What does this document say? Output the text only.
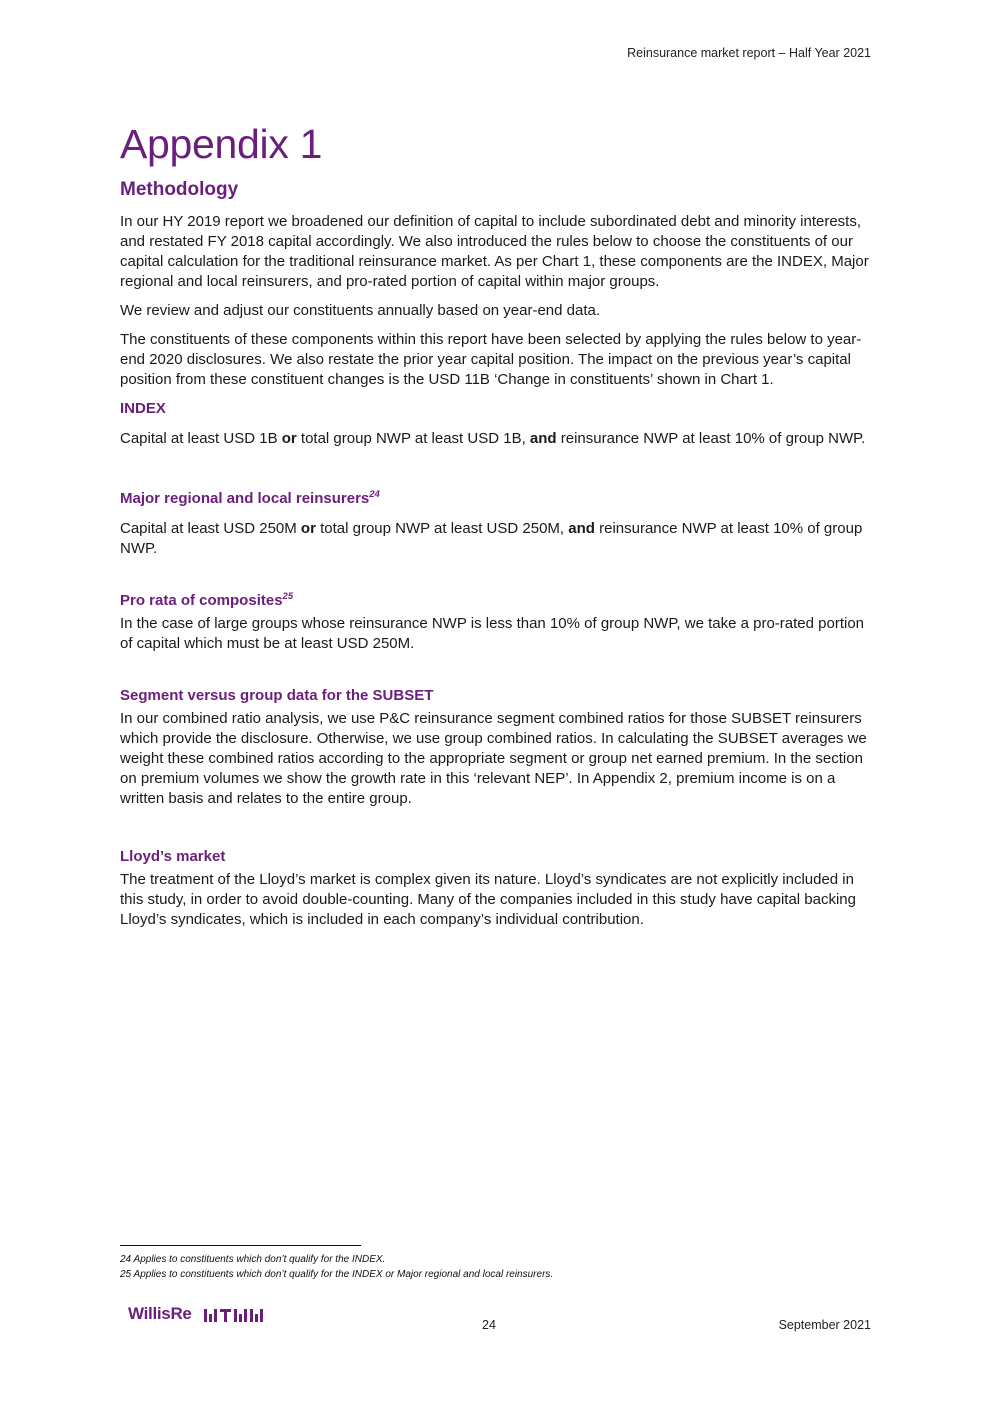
Reinsurance market report – Half Year 2021
Appendix 1
Methodology

In our HY 2019 report we broadened our definition of capital to include subordinated debt and minority interests, and restated FY 2018 capital accordingly. We also introduced the rules below to choose the constituents of our capital calculation for the traditional reinsurance market. As per Chart 1, these components are the INDEX, Major regional and local reinsurers, and pro-rated portion of capital within major groups.

We review and adjust our constituents annually based on year-end data.

The constituents of these components within this report have been selected by applying the rules below to year-end 2020 disclosures. We also restate the prior year capital position. The impact on the previous year’s capital position from these constituent changes is the USD 11B ‘Change in constituents’ shown in Chart 1.

INDEX

Capital at least USD 1B or total group NWP at least USD 1B, and reinsurance NWP at least 10% of group NWP.

Major regional and local reinsurers$^{24}$

Capital at least USD 250M or total group NWP at least USD 250M, and reinsurance NWP at least 10% of group NWP.

Pro rata of composites$^{25}$

In the case of large groups whose reinsurance NWP is less than 10% of group NWP, we take a pro-rated portion of capital which must be at least USD 250M.

Segment versus group data for the SUBSET

In our combined ratio analysis, we use P&C reinsurance segment combined ratios for those SUBSET reinsurers which provide the disclosure. Otherwise, we use group combined ratios. In calculating the SUBSET averages we weight these combined ratios according to the appropriate segment or group net earned premium. In the section on premium volumes we show the growth rate in this ‘relevant NEP’. In Appendix 2, premium income is on a written basis and relates to the entire group.

Lloyd’s market

The treatment of the Lloyd’s market is complex given its nature. Lloyd’s syndicates are not explicitly included in this study, in order to avoid double-counting. Many of the companies included in this study have capital backing Lloyd’s syndicates, which is included in each company’s individual contribution.

24 Applies to constituents which don’t qualify for the INDEX.
25 Applies to constituents which don’t qualify for the INDEX or Major regional and local reinsurers.
WillisRe
24	September 2021
